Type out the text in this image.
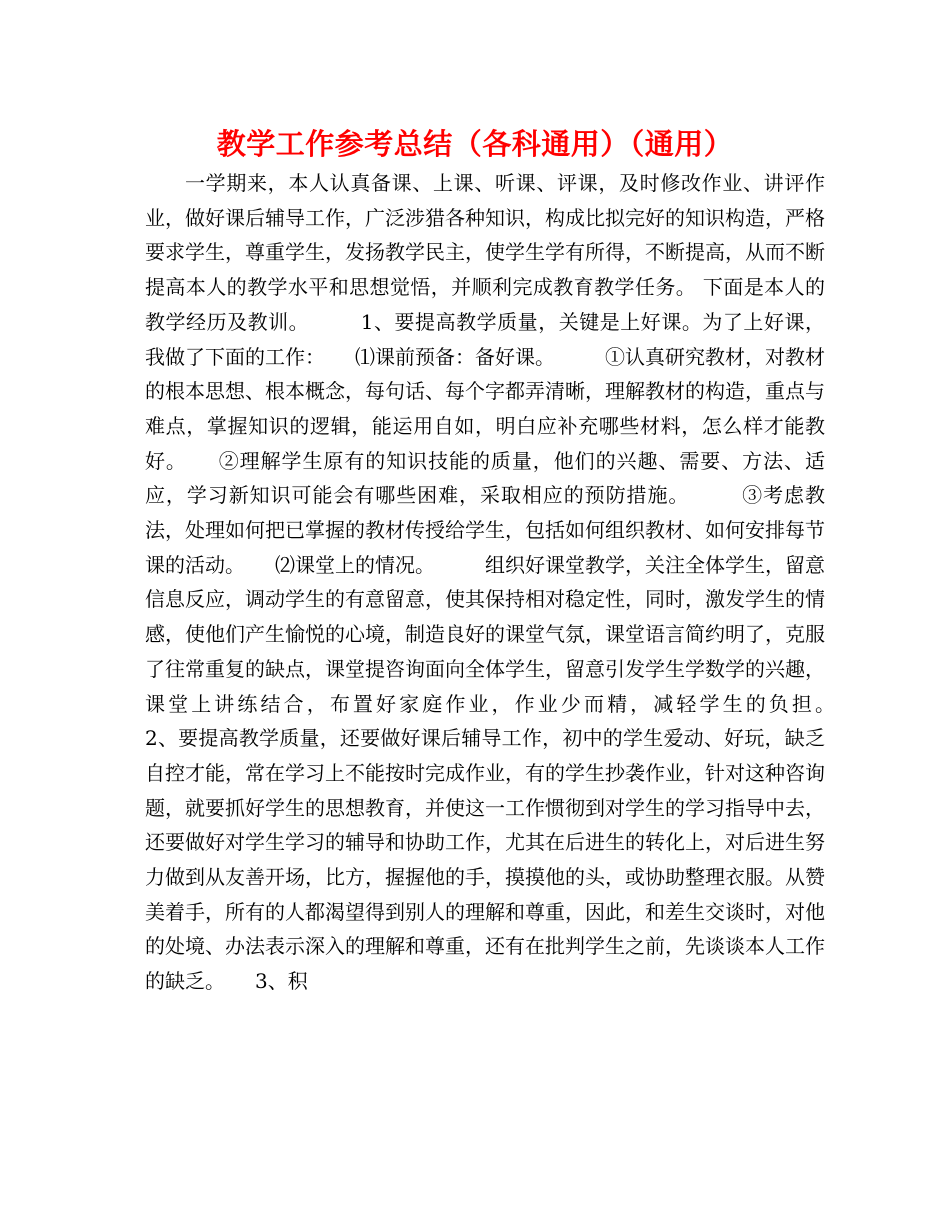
教学工作参考总结（各科通用）（通用）

一学期来，本人认真备课、上课、听课、评课，及时修改作业、讲评作业，做好课后辅导工作，广泛涉猎各种知识，构成比拟完好的知识构造，严格要求学生，尊重学生，发扬教学民主，使学生学有所得，不断提高，从而不断提高本人的教学水平和思想觉悟，并顺利完成教育教学任务。 下面是本人的教学经历及教训。　　　1、要提高教学质量，关键是上好课。为了上好课，我做了下面的工作：　　⑴课前预备：备好课。　　　①认真研究教材，对教材的根本思想、根本概念，每句话、每个字都弄清晰，理解教材的构造，重点与难点，掌握知识的逻辑，能运用自如，明白应补充哪些材料，怎么样才能教好。　　②理解学生原有的知识技能的质量，他们的兴趣、需要、方法、适应，学习新知识可能会有哪些困难，采取相应的预防措施。　　　③考虑教法，处理如何把已掌握的教材传授给学生，包括如何组织教材、如何安排每节课的活动。　　⑵课堂上的情况。　　　组织好课堂教学，关注全体学生，留意信息反应，调动学生的有意留意，使其保持相对稳定性，同时，激发学生的情感，使他们产生愉悦的心境，制造良好的课堂气氛，课堂语言简约明了，克服了往常重复的缺点，课堂提咨询面向全体学生，留意引发学生学数学的兴趣，课堂上讲练结合，布置好家庭作业，作业少而精，减轻学生的负担。　　　2、要提高教学质量，还要做好课后辅导工作，初中的学生爱动、好玩，缺乏自控才能，常在学习上不能按时完成作业，有的学生抄袭作业，针对这种咨询题，就要抓好学生的思想教育，并使这一工作惯彻到对学生的学习指导中去，还要做好对学生学习的辅导和协助工作，尤其在后进生的转化上，对后进生努力做到从友善开场，比方，握握他的手，摸摸他的头，或协助整理衣服。从赞美着手，所有的人都渴望得到别人的理解和尊重，因此，和差生交谈时，对他的处境、办法表示深入的理解和尊重，还有在批判学生之前，先谈谈本人工作的缺乏。　　3、积
